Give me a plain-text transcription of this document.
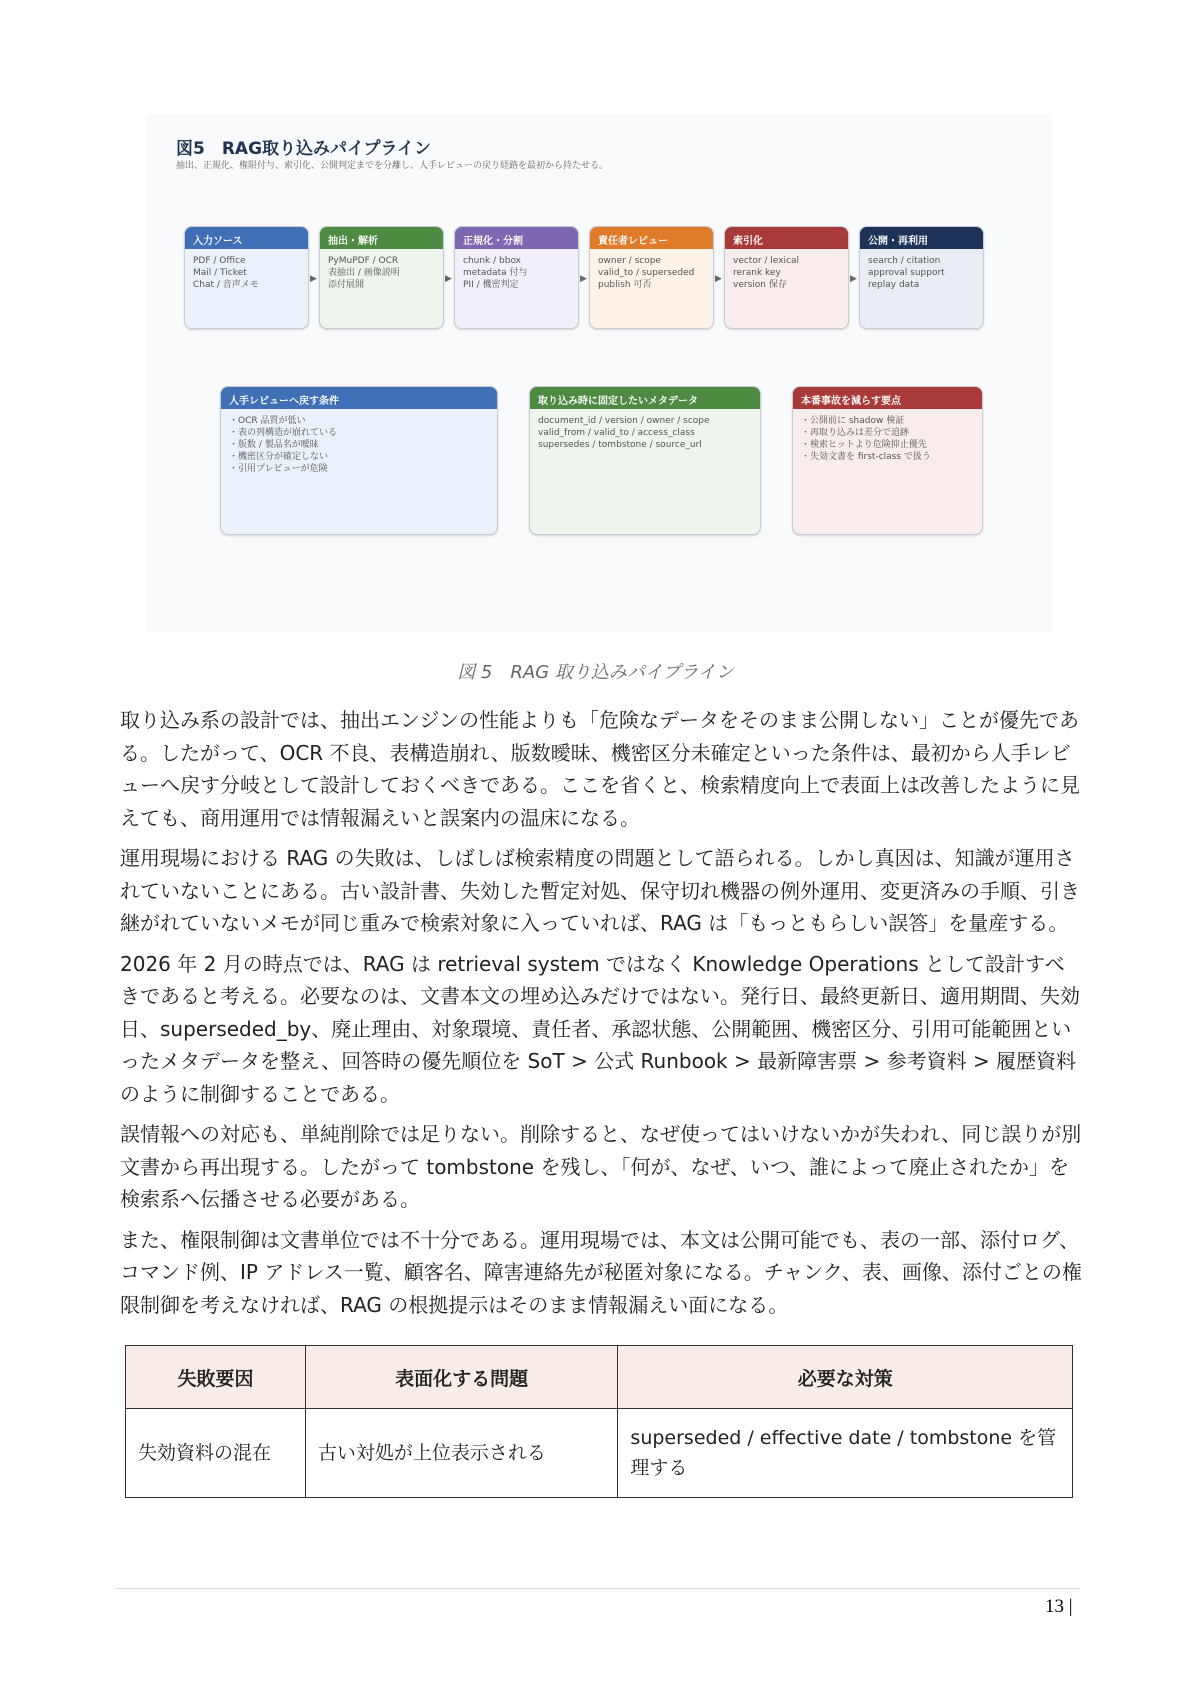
図5　RAG取り込みパイプライン
抽出、正規化、権限付与、索引化、公開判定までを分離し、人手レビューの戻り経路を最初から持たせる。
入力ソース
PDF / Office
Mail / Ticket
Chat / 音声メモ
▶
抽出・解析
PyMuPDF / OCR
表抽出 / 画像説明
添付展開
▶
正規化・分割
chunk / bbox
metadata 付与
PII / 機密判定
▶
責任者レビュー
owner / scope
valid_to / superseded
publish 可否
▶
索引化
vector / lexical
rerank key
version 保存
▶
公開・再利用
search / citation
approval support
replay data
人手レビューへ戻す条件
・OCR 品質が低い
・表の列構造が崩れている
・版数 / 製品名が曖昧
・機密区分が確定しない
・引用プレビューが危険
取り込み時に固定したいメタデータ
document_id / version / owner / scope
valid_from / valid_to / access_class
supersedes / tombstone / source_url
本番事故を減らす要点
・公開前に shadow 検証
・再取り込みは差分で追跡
・検索ヒットより危険抑止優先
・失効文書を first-class で扱う
図 5　RAG 取り込みパイプライン

取り込み系の設計では、抽出エンジンの性能よりも「危険なデータをそのまま公開しない」ことが優先である。したがって、OCR 不良、表構造崩れ、版数曖昧、機密区分未確定といった条件は、最初から人手レビューへ戻す分岐として設計しておくべきである。ここを省くと、検索精度向上で表面上は改善したように見えても、商用運用では情報漏えいと誤案内の温床になる。

運用現場における RAG の失敗は、しばしば検索精度の問題として語られる。しかし真因は、知識が運用されていないことにある。古い設計書、失効した暫定対処、保守切れ機器の例外運用、変更済みの手順、引き継がれていないメモが同じ重みで検索対象に入っていれば、RAG は「もっともらしい誤答」を量産する。

2026 年 2 月の時点では、RAG は retrieval system ではなく Knowledge Operations として設計すべきであると考える。必要なのは、文書本文の埋め込みだけではない。発行日、最終更新日、適用期間、失効日、superseded_by、廃止理由、対象環境、責任者、承認状態、公開範囲、機密区分、引用可能範囲といったメタデータを整え、回答時の優先順位を SoT > 公式 Runbook > 最新障害票 > 参考資料 > 履歴資料のように制御することである。

誤情報への対応も、単純削除では足りない。削除すると、なぜ使ってはいけないかが失われ、同じ誤りが別文書から再出現する。したがって tombstone を残し、「何が、なぜ、いつ、誰によって廃止されたか」を検索系へ伝播させる必要がある。

また、権限制御は文書単位では不十分である。運用現場では、本文は公開可能でも、表の一部、添付ログ、コマンド例、IP アドレス一覧、顧客名、障害連絡先が秘匿対象になる。チャンク、表、画像、添付ごとの権限制御を考えなければ、RAG の根拠提示はそのまま情報漏えい面になる。

失敗要因	表面化する問題	必要な対策
失効資料の混在	古い対処が上位表示される	superseded / effective date / tombstone を管理する
13 |
